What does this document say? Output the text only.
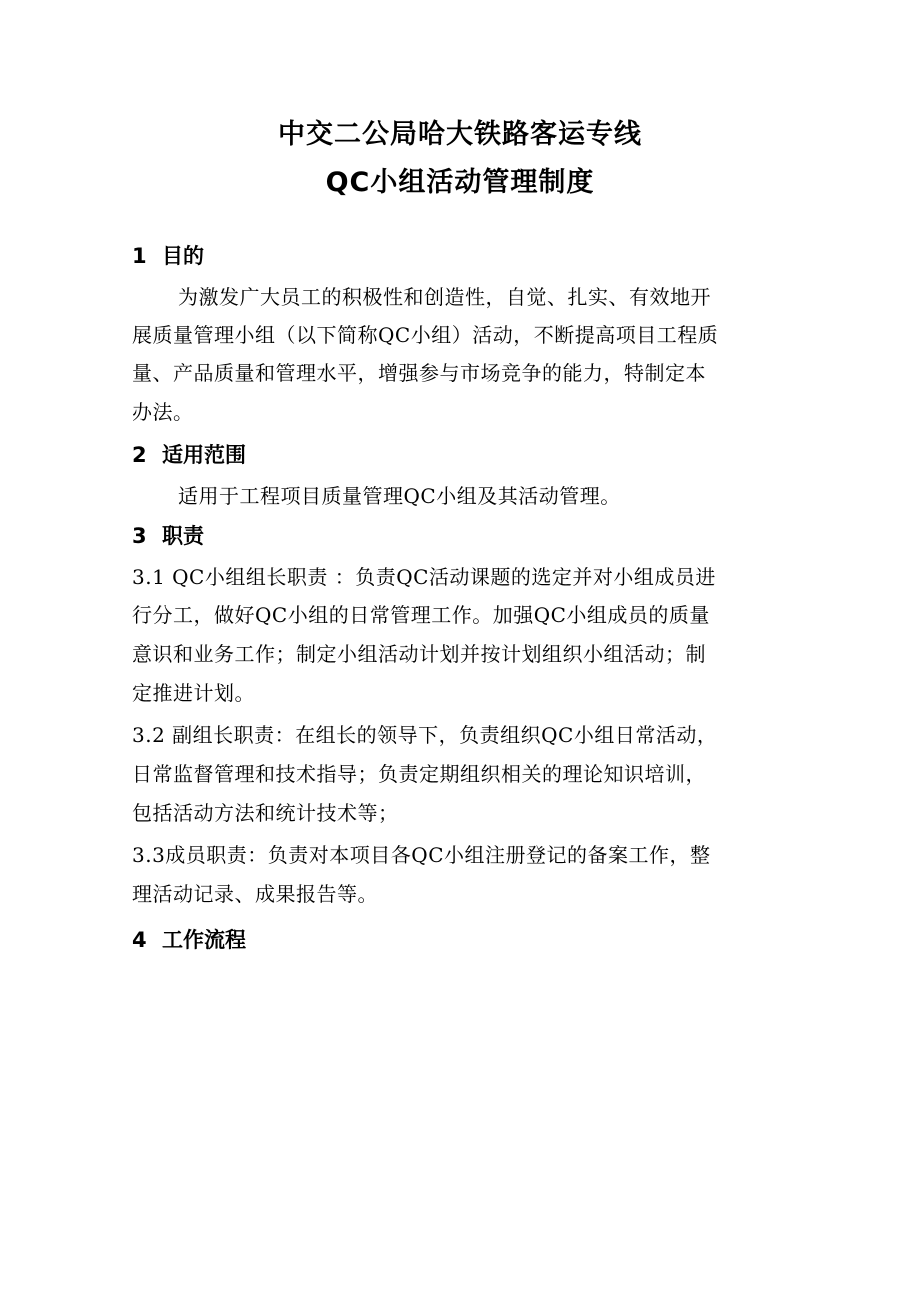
中交二公局哈大铁路客运专线
QC小组活动管理制度
1 目的
为激发广大员工的积极性和创造性，自觉、扎实、有效地开
展质量管理小组（以下简称QC小组）活动，不断提高项目工程质
量、产品质量和管理水平，增强参与市场竞争的能力，特制定本
办法。
2 适用范围
适用于工程项目质量管理QC小组及其活动管理。
3 职责
3.1 QC小组组长职责 ：负责QC活动课题的选定并对小组成员进
行分工，做好QC小组的日常管理工作。加强QC小组成员的质量
意识和业务工作；制定小组活动计划并按计划组织小组活动；制
定推进计划。
3.2 副组长职责：在组长的领导下，负责组织QC小组日常活动，
日常监督管理和技术指导；负责定期组织相关的理论知识培训，
包括活动方法和统计技术等；
3.3成员职责：负责对本项目各QC小组注册登记的备案工作，整
理活动记录、成果报告等。
4 工作流程
